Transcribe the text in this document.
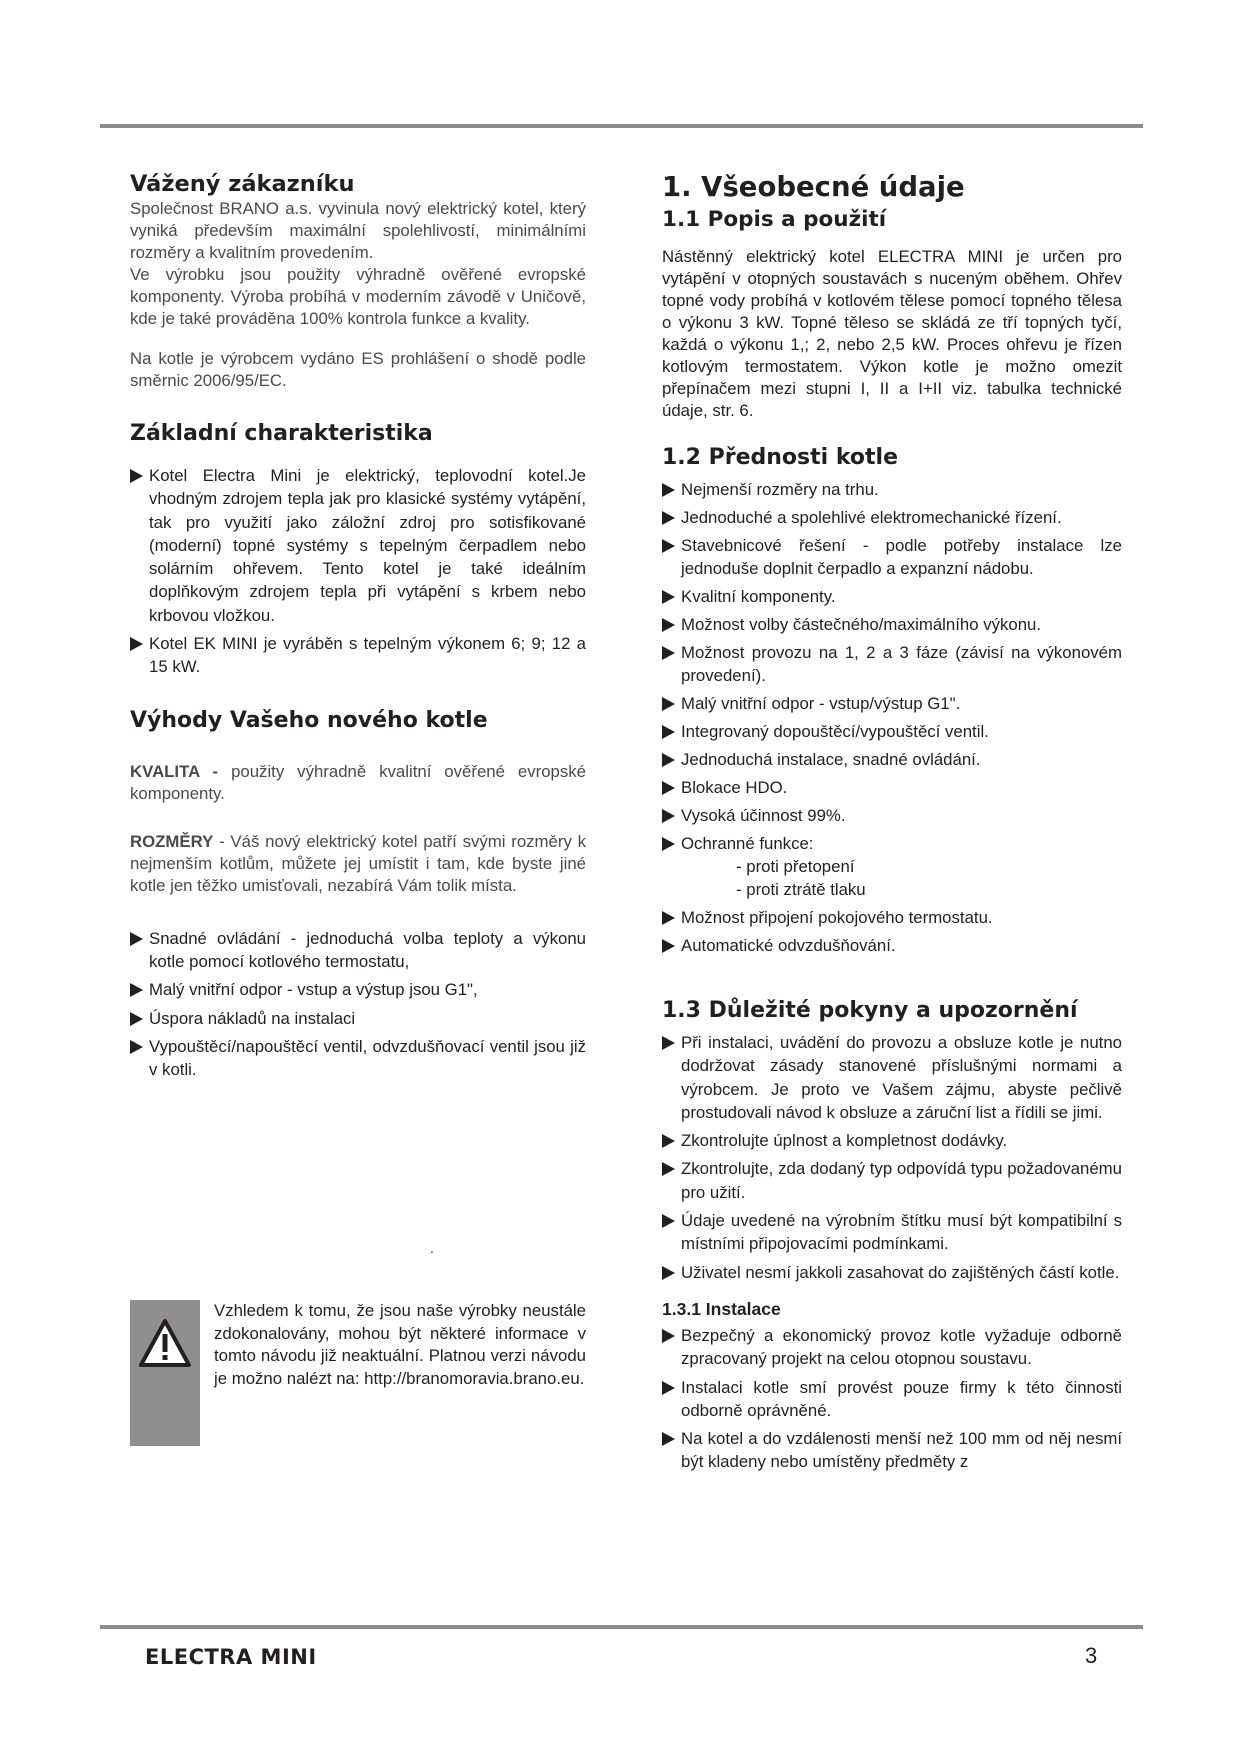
Vážený zákazníku

Společnost BRANO a.s. vyvinula nový elektrický kotel, který vyniká především maximální spolehlivostí, minimálními rozměry a kvalitním provedením.

Ve výrobku jsou použity výhradně ověřené evropské komponenty. Výroba probíhá v moderním závodě v Uničově, kde je také prováděna 100% kontrola funkce a kvality.

Na kotle je výrobcem vydáno ES prohlášení o shodě podle směrnic 2006/95/EC.

Základní charakteristika
Kotel Electra Mini je elektrický, teplovodní kotel.Je vhodným zdrojem tepla jak pro klasické systémy vytápění, tak pro využití jako záložní zdroj pro sotisfikované (moderní) topné systémy s tepelným čerpadlem nebo solárním ohřevem. Tento kotel je také ideálním doplňkovým zdrojem tepla při vytápění s krbem nebo krbovou vložkou.
Kotel EK MINI je vyráběn s tepelným výkonem 6; 9; 12 a 15 kW.
Výhody Vašeho nového kotle

KVALITA - použity výhradně kvalitní ověřené evropské komponenty.

ROZMĚRY - Váš nový elektrický kotel patří svými rozměry k nejmenším kotlům, můžete jej umístit i tam, kde byste jiné kotle jen těžko umisťovali, nezabírá Vám tolik místa.

Snadné ovládání - jednoduchá volba teploty a výkonu kotle pomocí kotlového termostatu,
Malý vnitřní odpor - vstup a výstup jsou G1",
Úspora nákladů na instalaci
Vypouštěcí/napouštěcí ventil, odvzdušňovací ventil jsou již v kotli.
.

Vzhledem k tomu, že jsou naše výrobky neustále zdokonalovány, mohou být některé informace v tomto návodu již neaktuální. Platnou verzi návodu je možno nalézt na: http://branomoravia.brano.eu.

1. Všeobecné údaje
1.1 Popis a použití

Nástěnný elektrický kotel ELECTRA MINI je určen pro vytápění v otopných soustavách s nuceným oběhem. Ohřev topné vody probíhá v kotlovém tělese pomocí topného tělesa o výkonu 3 kW. Topné těleso se skládá ze tří topných tyčí, každá o výkonu 1,; 2, nebo 2,5 kW. Proces ohřevu je řízen kotlovým termostatem. Výkon kotle je možno omezit přepínačem mezi stupni I, II a I+II viz. tabulka technické údaje, str. 6.

1.2 Přednosti kotle
Nejmenší rozměry na trhu.
Jednoduché a spolehlivé elektromechanické řízení.
Stavebnicové řešení - podle potřeby instalace lze jednoduše doplnit čerpadlo a expanzní nádobu.
Kvalitní komponenty.
Možnost volby částečného/maximálního výkonu.
Možnost provozu na 1, 2 a 3 fáze (závisí na výkonovém provedení).
Malý vnitřní odpor - vstup/výstup G1".
Integrovaný dopouštěcí/vypouštěcí ventil.
Jednoduchá instalace, snadné ovládání.
Blokace HDO.
Vysoká účinnost 99%.
Ochranné funkce:
- proti přetopení
- proti ztrátě tlaku
Možnost připojení pokojového termostatu.
Automatické odvzdušňování.
1.3 Důležité pokyny a upozornění
Při instalaci, uvádění do provozu a obsluze kotle je nutno dodržovat zásady stanovené příslušnými normami a výrobcem. Je proto ve Vašem zájmu, abyste pečlivě prostudovali návod k obsluze a záruční list a řídili se jimi.
Zkontrolujte úplnost a kompletnost dodávky.
Zkontrolujte, zda dodaný typ odpovídá typu požadovanému pro užití.
Údaje uvedené na výrobním štítku musí být kompatibilní s místními připojovacími podmínkami.
Uživatel nesmí jakkoli zasahovat do zajištěných částí kotle.
1.3.1 Instalace
Bezpečný a ekonomický provoz kotle vyžaduje odborně zpracovaný projekt na celou otopnou soustavu.
Instalaci kotle smí provést pouze firmy k této činnosti odborně oprávněné.
Na kotel a do vzdálenosti menší než 100 mm od něj nesmí být kladeny nebo umístěny předměty z
ELECTRA MINI	3
